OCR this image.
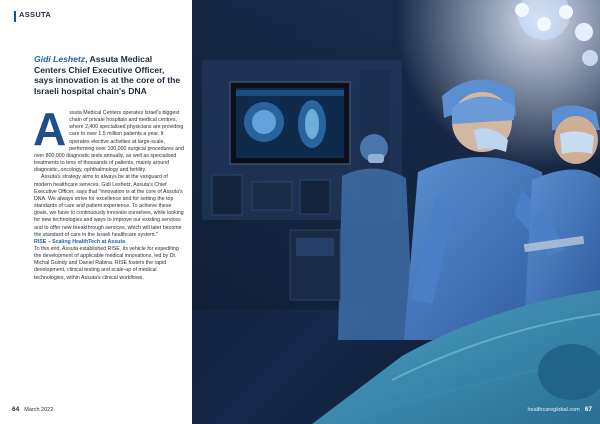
ASSUTA
Gidi Leshetz, Assuta Medical Centers Chief Executive Officer, says innovation is at the core of the Israeli hospital chain's DNA
A ssuta Medical Centers operates Israel's biggest chain of private hospitals and medical centres, where 2,400 specialised physicians are providing care to over 1.5 million patients a year. It operates elective activities at large-scale, performing over 100,000 surgical procedures and over 800,000 diagnostic tests annually, as well as specialised treatments to tens of thousands of patients, mainly around diagnostic, oncology, ophthalmology and fertility.

Assuta's strategy aims to always be at the vanguard of modern healthcare services. Gidi Leshetz, Assuta's Chief Executive Officer, says that "innovation is at the core of Assuta's DNA. We always strive for excellence and for setting the top standards of care and patient experience. To achieve these goals, we have to continuously innovate ourselves, while looking for new technologies and ways to improve our existing services and to offer new breakthrough services, which will later become the standard of care in the Israeli healthcare system."

RISE – Scaling HealthTech at Assuta

To this end, Assuta established RISE, its vehicle for expediting the development of applicable medical innovations, led by Dr. Michal Guindy and Daniel Rabina. RISE fosters the rapid development, clinical testing and scale-up of medical technologies, within Assuta's clinical workflows.

64 March 2022	healthcareglobal.com 67
